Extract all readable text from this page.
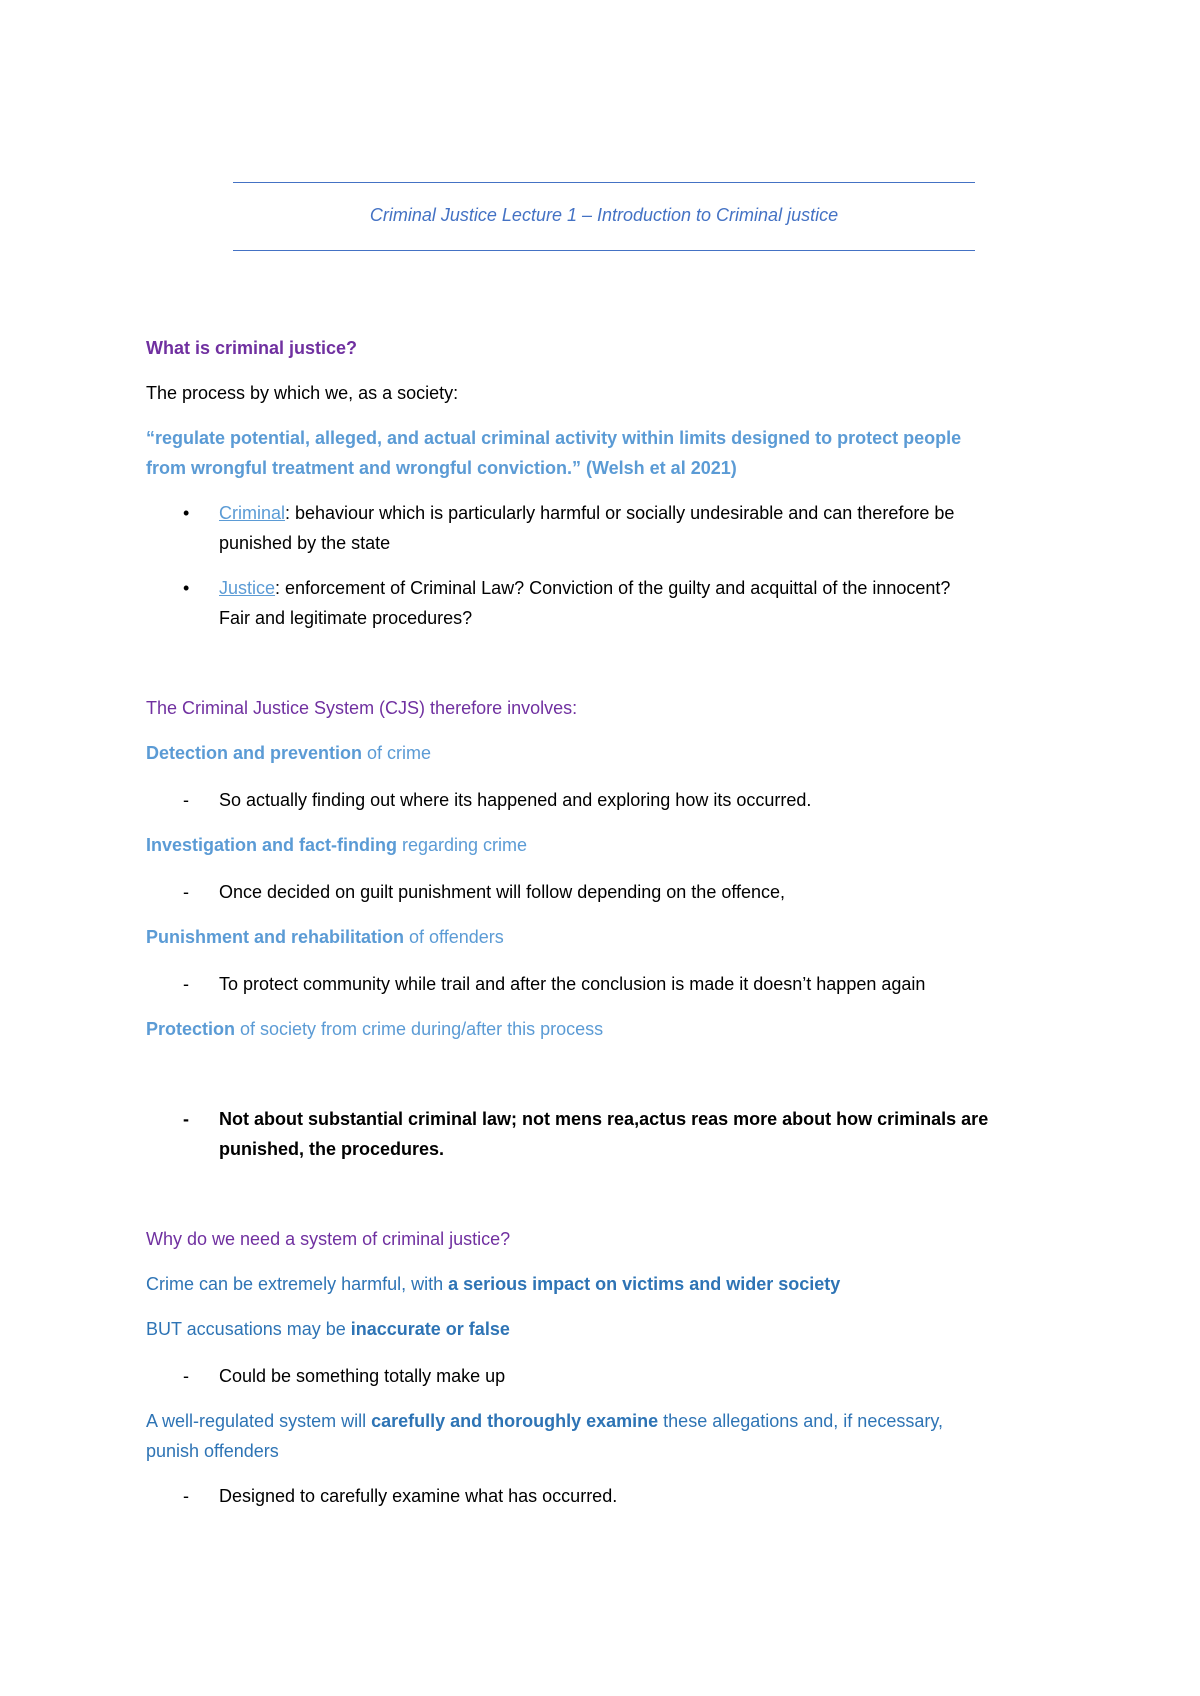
Criminal Justice Lecture 1 – Introduction to Criminal justice

What is criminal justice?

The process by which we, as a society:

“regulate potential, alleged, and actual criminal activity within limits designed to protect people

from wrongful treatment and wrongful conviction.” (Welsh et al 2021)

• Criminal: behaviour which is particularly harmful or socially undesirable and can therefore be
punished by the state
• Justice: enforcement of Criminal Law? Conviction of the guilty and acquittal of the innocent?
Fair and legitimate procedures?

The Criminal Justice System (CJS) therefore involves:

Detection and prevention of crime

- So actually finding out where its happened and exploring how its occurred.

Investigation and fact-finding regarding crime

- Once decided on guilt punishment will follow depending on the offence,

Punishment and rehabilitation of offenders

- To protect community while trail and after the conclusion is made it doesn’t happen again

Protection of society from crime during/after this process

- Not about substantial criminal law; not mens rea,actus reas more about how criminals are
punished, the procedures.

Why do we need a system of criminal justice?

Crime can be extremely harmful, with a serious impact on victims and wider society

BUT accusations may be inaccurate or false

- Could be something totally make up

A well-regulated system will carefully and thoroughly examine these allegations and, if necessary,

punish offenders

- Designed to carefully examine what has occurred.
